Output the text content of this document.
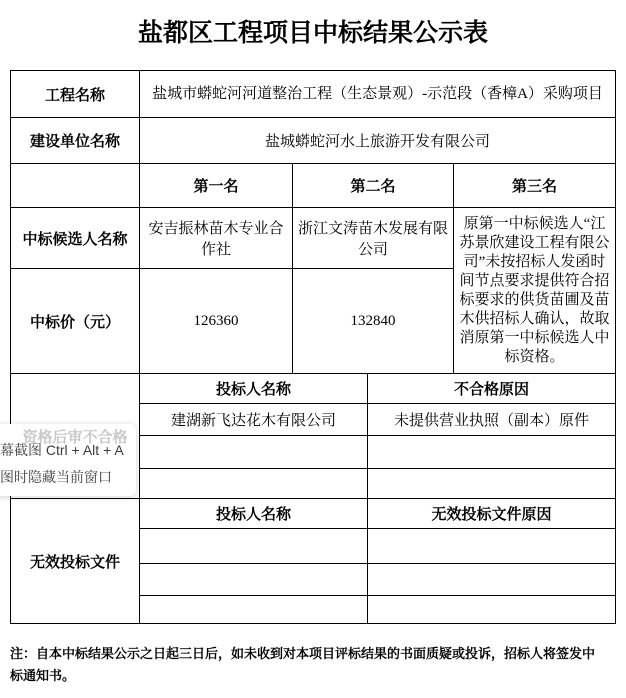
盐都区工程项目中标结果公示表
工程名称	盐城市蟒蛇河河道整治工程（生态景观）-示范段（香樟A）采购项目			
建设单位名称	盐城蟒蛇河水上旅游开发有限公司			
	第一名	第二名		第三名
中标候选人名称	安吉振林苗木专业合作社	浙江文涛苗木发展有限公司		原第一中标候选人“江苏景欣建设工程有限公司”未按招标人发函时间节点要求提供符合招标要求的供货苗圃及苗木供招标人确认，故取消原第一中标候选人中标资格。
中标价（元）	126360	132840		
资格后审不合格	投标人名称		不合格原因	
	建湖新飞达花木有限公司		未提供营业执照（副本）原件	

无效投标文件	投标人名称		无效投标文件原因	

注：自本中标结果公示之日起三日后，如未收到对本项目评标结果的书面质疑或投诉，招标人将签发中标通知书。

幕截图 Ctrl + Alt + A
图时隐藏当前窗口
